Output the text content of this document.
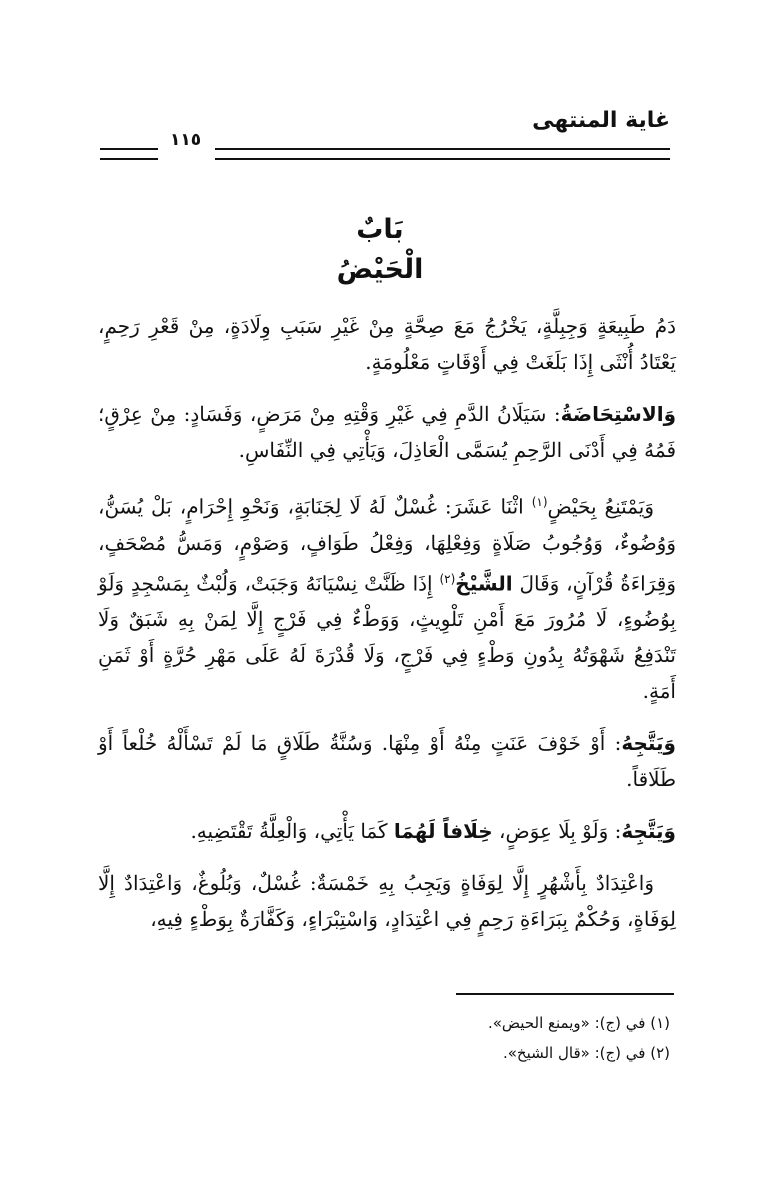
غاية المنتهى
١١٥
بَابٌ
الْحَيْضُ

دَمُ طَبِيعَةٍ وَجِبِلَّةٍ، يَخْرُجُ مَعَ صِحَّةٍ مِنْ غَيْرِ سَبَبِ وِلَادَةٍ، مِنْ قَعْرِ رَحِمٍ، يَعْتَادُ أُنْثَى إِذَا بَلَغَتْ فِي أَوْقَاتٍ مَعْلُومَةٍ.

وَالاسْتِحَاضَةُ: سَيَلَانُ الدَّمِ فِي غَيْرِ وَقْتِهِ مِنْ مَرَضٍ، وَفَسَادٍ: مِنْ عِرْقٍ؛ فَمُهُ فِي أَدْنَى الرَّحِمِ يُسَمَّى الْعَاذِلَ، وَيَأْتِي فِي النِّفَاسِ.

وَيَمْتَنِعُ بِحَيْضٍ$^{(١)}$ اثْنَا عَشَرَ: غُسْلٌ لَهُ لَا لِجَنَابَةٍ، وَنَحْوِ إِحْرَامٍ، بَلْ يُسَنُّ، وَوُضُوءٌ، وَوُجُوبُ صَلَاةٍ وَفِعْلِهَا، وَفِعْلُ طَوَافٍ، وَصَوْمٍ، وَمَسُّ مُصْحَفٍ، وَقِرَاءَةُ قُرْآنٍ، وَقَالَ الشَّيْخُ$^{(٢)}$ إِذَا ظَنَّتْ نِسْيَانَهُ وَجَبَتْ، وَلُبْثٌ بِمَسْجِدٍ وَلَوْ بِوُضُوءٍ، لَا مُرُورَ مَعَ أَمْنِ تَلْوِيثٍ، وَوَطْءٌ فِي فَرْجٍ إِلَّا لِمَنْ بِهِ شَبَقٌ وَلَا تَنْدَفِعُ شَهْوَتُهُ بِدُونِ وَطْءٍ فِي فَرْجٍ، وَلَا قُدْرَةَ لَهُ عَلَى مَهْرِ حُرَّةٍ أَوْ ثَمَنِ أَمَةٍ.

وَيَتَّجِهُ: أَوْ خَوْفَ عَنَتٍ مِنْهُ أَوْ مِنْهَا. وَسُنَّةُ طَلَاقٍ مَا لَمْ تَسْأَلْهُ خُلْعاً أَوْ طَلَاقاً.

وَيَتَّجِهُ: وَلَوْ بِلَا عِوَضٍ، خِلَافاً لَهُمَا كَمَا يَأْتِي، وَالْعِلَّةُ تَقْتَضِيهِ.

وَاعْتِدَادٌ بِأَشْهُرٍ إِلَّا لِوَفَاةٍ وَيَجِبُ بِهِ خَمْسَةٌ: غُسْلٌ، وَبُلُوغٌ، وَاعْتِدَادٌ إِلَّا لِوَفَاةٍ، وَحُكْمٌ بِبَرَاءَةِ رَحِمٍ فِي اعْتِدَادٍ، وَاسْتِبْرَاءٍ، وَكَفَّارَةٌ بِوَطْءٍ فِيهِ،

(١) في (ج): «ويمنع الحيض».
(٢) في (ج): «قال الشيخ».
